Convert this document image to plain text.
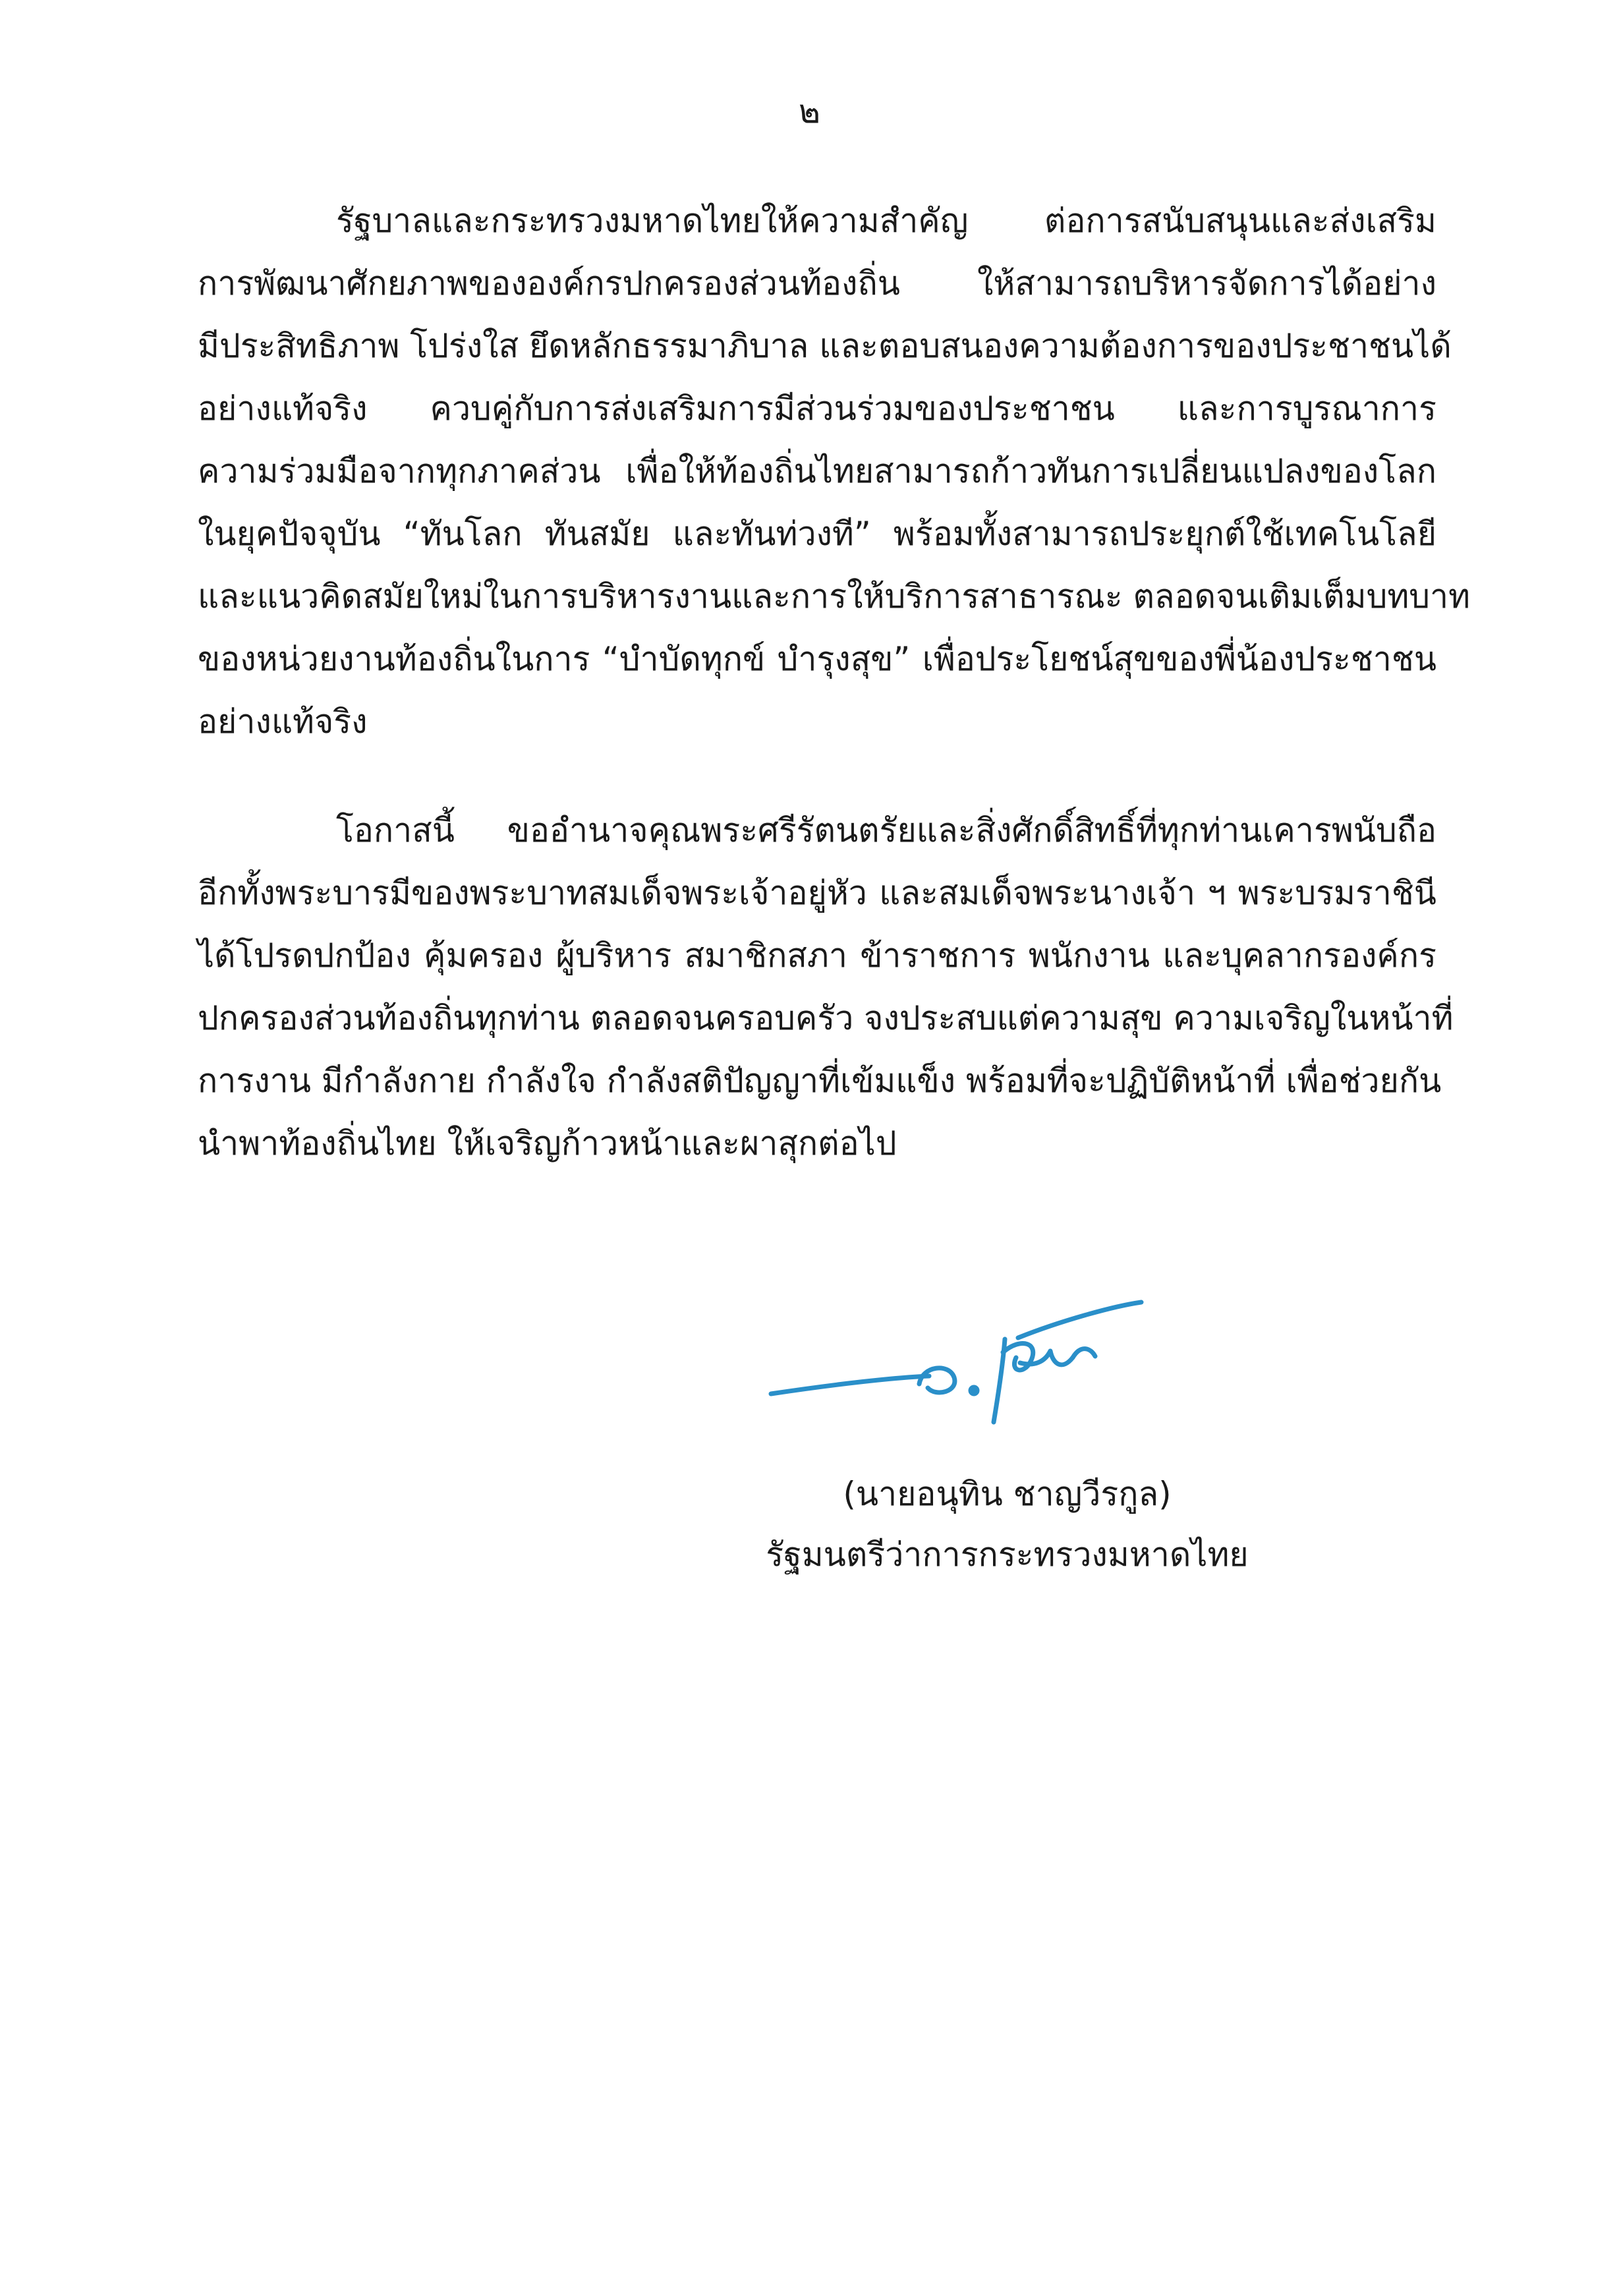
๒
รัฐบาลและกระทรวงมหาดไทยให้ความสำคัญ ต่อการสนับสนุนและส่งเสริม
การพัฒนาศักยภาพขององค์กรปกครองส่วนท้องถิ่น ให้สามารถบริหารจัดการได้อย่าง
มีประสิทธิภาพ โปร่งใส ยึดหลักธรรมาภิบาล และตอบสนองความต้องการของประชาชนได้
อย่างแท้จริง ควบคู่กับการส่งเสริมการมีส่วนร่วมของประชาชน และการบูรณาการ
ความร่วมมือจากทุกภาคส่วน เพื่อให้ท้องถิ่นไทยสามารถก้าวทันการเปลี่ยนแปลงของโลก
ในยุคปัจจุบัน “ทันโลก ทันสมัย และทันท่วงที” พร้อมทั้งสามารถประยุกต์ใช้เทคโนโลยี
และแนวคิดสมัยใหม่ในการบริหารงานและการให้บริการสาธารณะ ตลอดจนเติมเต็มบทบาท
ของหน่วยงานท้องถิ่นในการ “บำบัดทุกข์ บำรุงสุข” เพื่อประโยชน์สุขของพี่น้องประชาชน
อย่างแท้จริง
โอกาสนี้ ขออำนาจคุณพระศรีรัตนตรัยและสิ่งศักดิ์สิทธิ์ที่ทุกท่านเคารพนับถือ
อีกทั้งพระบารมีของพระบาทสมเด็จพระเจ้าอยู่หัว และสมเด็จพระนางเจ้า ฯ พระบรมราชินี
ได้โปรดปกป้อง คุ้มครอง ผู้บริหาร สมาชิกสภา ข้าราชการ พนักงาน และบุคลากรองค์กร
ปกครองส่วนท้องถิ่นทุกท่าน ตลอดจนครอบครัว จงประสบแต่ความสุข ความเจริญในหน้าที่
การงาน มีกำลังกาย กำลังใจ กำลังสติปัญญาที่เข้มแข็ง พร้อมที่จะปฏิบัติหน้าที่ เพื่อช่วยกัน
นำพาท้องถิ่นไทย ให้เจริญก้าวหน้าและผาสุกต่อไป
(นายอนุทิน ชาญวีรกูล)
รัฐมนตรีว่าการกระทรวงมหาดไทย
